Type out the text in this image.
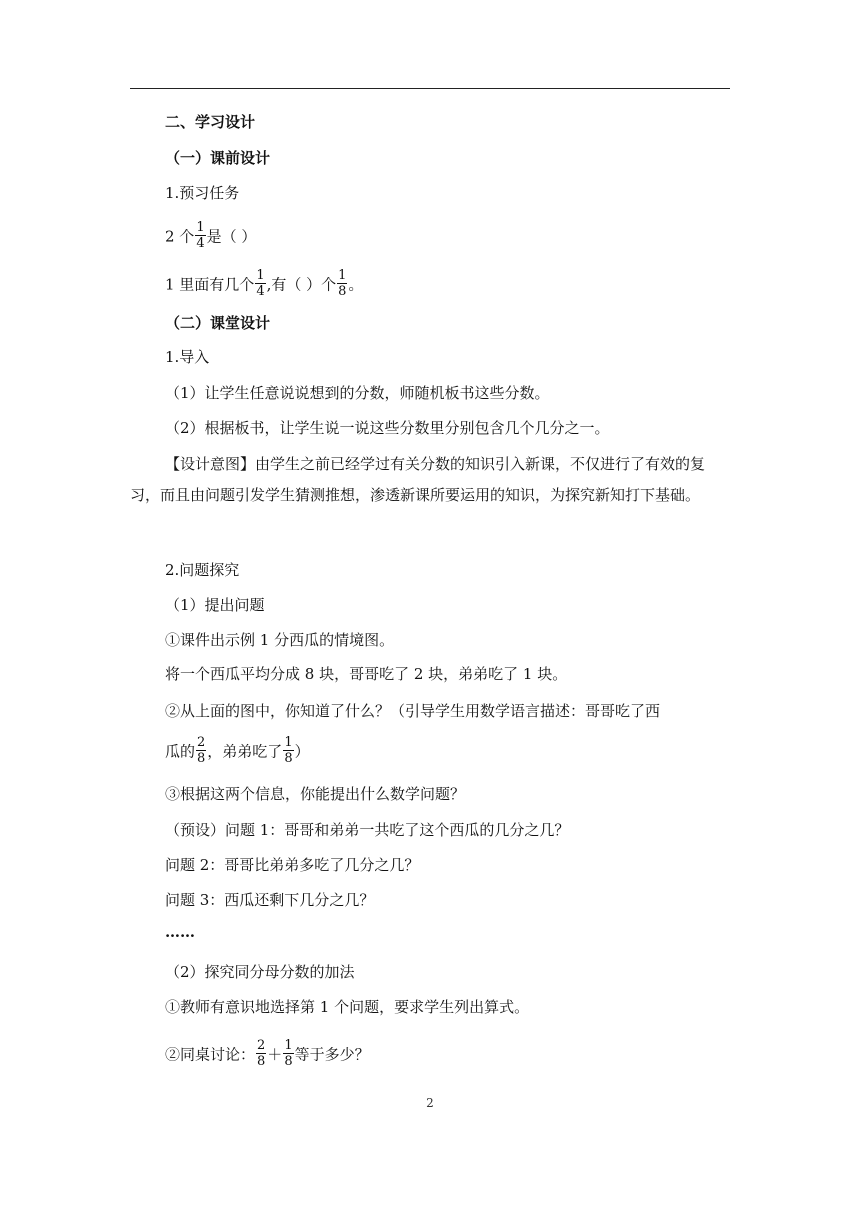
二、学习设计
（一）课前设计
1.预习任务
2 个 $\frac{1}{4}$ 是（ ）
1 里面有几个 $\frac{1}{4}$ ,有（ ）个 $\frac{1}{8}$ 。
（二）课堂设计
1.导入
（1）让学生任意说说想到的分数，师随机板书这些分数。
（2）根据板书，让学生说一说这些分数里分别包含几个几分之一。
【设计意图】由学生之前已经学过有关分数的知识引入新课，不仅进行了有效的复习，而且由问题引发学生猜测推想，渗透新课所要运用的知识，为探究新知打下基础。
2.问题探究
（1）提出问题
①课件出示例 1 分西瓜的情境图。
将一个西瓜平均分成 8 块，哥哥吃了 2 块，弟弟吃了 1 块。
②从上面的图中，你知道了什么？（引导学生用数学语言描述：哥哥吃了西
瓜的 $\frac{2}{8}$ ，弟弟吃了 $\frac{1}{8}$ ）
③根据这两个信息，你能提出什么数学问题？
（预设）问题 1：哥哥和弟弟一共吃了这个西瓜的几分之几？
问题 2：哥哥比弟弟多吃了几分之几？
问题 3：西瓜还剩下几分之几？
……
（2）探究同分母分数的加法
①教师有意识地选择第 1 个问题，要求学生列出算式。
②同桌讨论： $\frac{2}{8} + \frac{1}{8}$ 等于多少？
2
